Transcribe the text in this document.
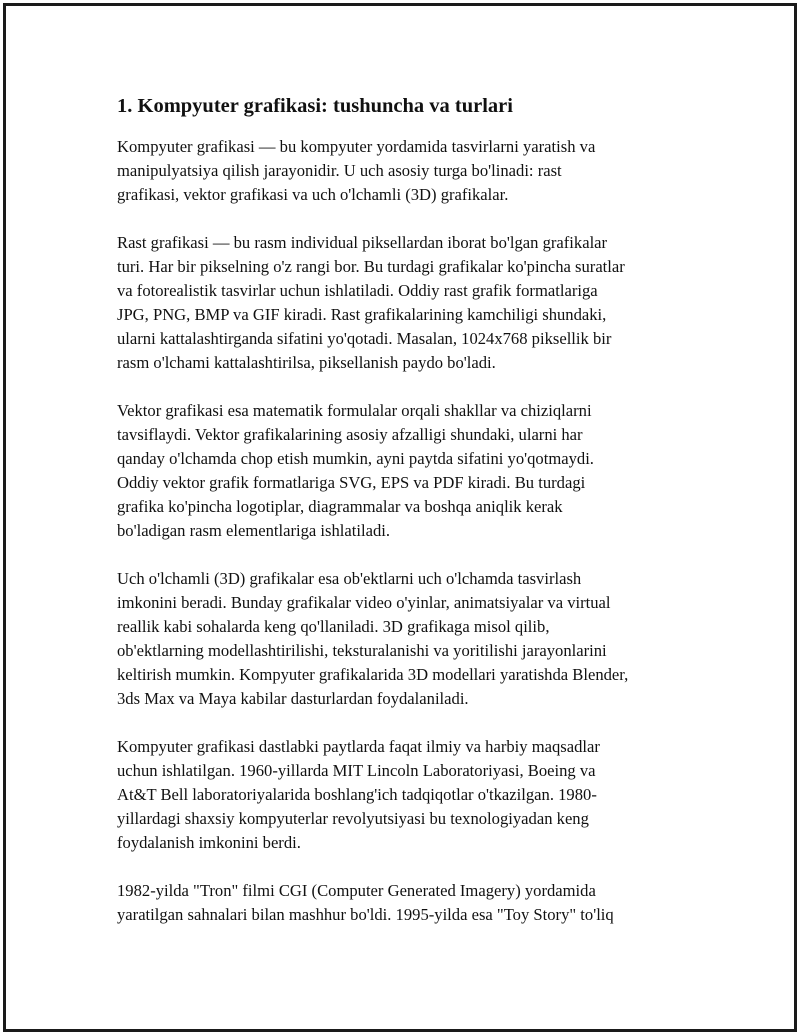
1. Kompyuter grafikasi: tushuncha va turlari

Kompyuter grafikasi — bu kompyuter yordamida tasvirlarni yaratish va
manipulyatsiya qilish jarayonidir. U uch asosiy turga bo'linadi: rast
grafikasi, vektor grafikasi va uch o'lchamli (3D) grafikalar.

Rast grafikasi — bu rasm individual piksellardan iborat bo'lgan grafikalar
turi. Har bir pikselning o'z rangi bor. Bu turdagi grafikalar ko'pincha suratlar
va fotorealistik tasvirlar uchun ishlatiladi. Oddiy rast grafik formatlariga
JPG, PNG, BMP va GIF kiradi. Rast grafikalarining kamchiligi shundaki,
ularni kattalashtirganda sifatini yo'qotadi. Masalan, 1024x768 piksellik bir
rasm o'lchami kattalashtirilsa, piksellanish paydo bo'ladi.

Vektor grafikasi esa matematik formulalar orqali shakllar va chiziqlarni
tavsiflaydi. Vektor grafikalarining asosiy afzalligi shundaki, ularni har
qanday o'lchamda chop etish mumkin, ayni paytda sifatini yo'qotmaydi.
Oddiy vektor grafik formatlariga SVG, EPS va PDF kiradi. Bu turdagi
grafika ko'pincha logotiplar, diagrammalar va boshqa aniqlik kerak
bo'ladigan rasm elementlariga ishlatiladi.

Uch o'lchamli (3D) grafikalar esa ob'ektlarni uch o'lchamda tasvirlash
imkonini beradi. Bunday grafikalar video o'yinlar, animatsiyalar va virtual
reallik kabi sohalarda keng qo'llaniladi. 3D grafikaga misol qilib,
ob'ektlarning modellashtirilishi, teksturalanishi va yoritilishi jarayonlarini
keltirish mumkin. Kompyuter grafikalarida 3D modellari yaratishda Blender,
3ds Max va Maya kabilar dasturlardan foydalaniladi.

Kompyuter grafikasi dastlabki paytlarda faqat ilmiy va harbiy maqsadlar
uchun ishlatilgan. 1960-yillarda MIT Lincoln Laboratoriyasi, Boeing va
At&T Bell laboratoriyalarida boshlang'ich tadqiqotlar o'tkazilgan. 1980-
yillardagi shaxsiy kompyuterlar revolyutsiyasi bu texnologiyadan keng
foydalanish imkonini berdi.

1982-yilda "Tron" filmi CGI (Computer Generated Imagery) yordamida
yaratilgan sahnalari bilan mashhur bo'ldi. 1995-yilda esa "Toy Story" to'liq
